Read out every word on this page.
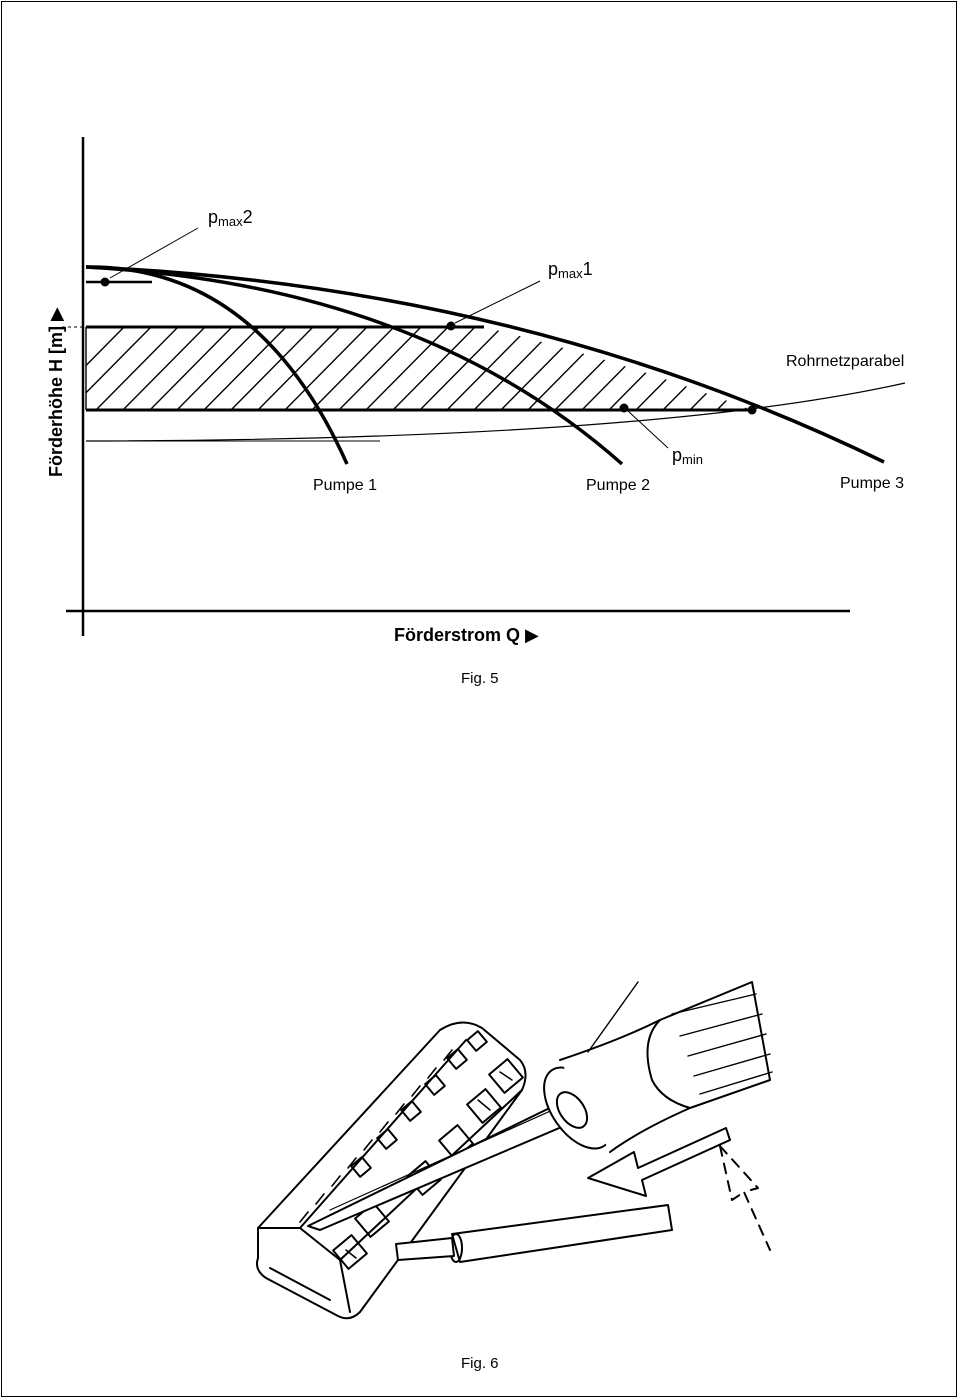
pmax2
pmax1
pmin
Rohrnetzparabel
Pumpe 1	Pumpe 2	Pumpe 3
Förderhöhe H [m] ▶
Förderstrom Q ▶
Fig. 5
Fig. 6
